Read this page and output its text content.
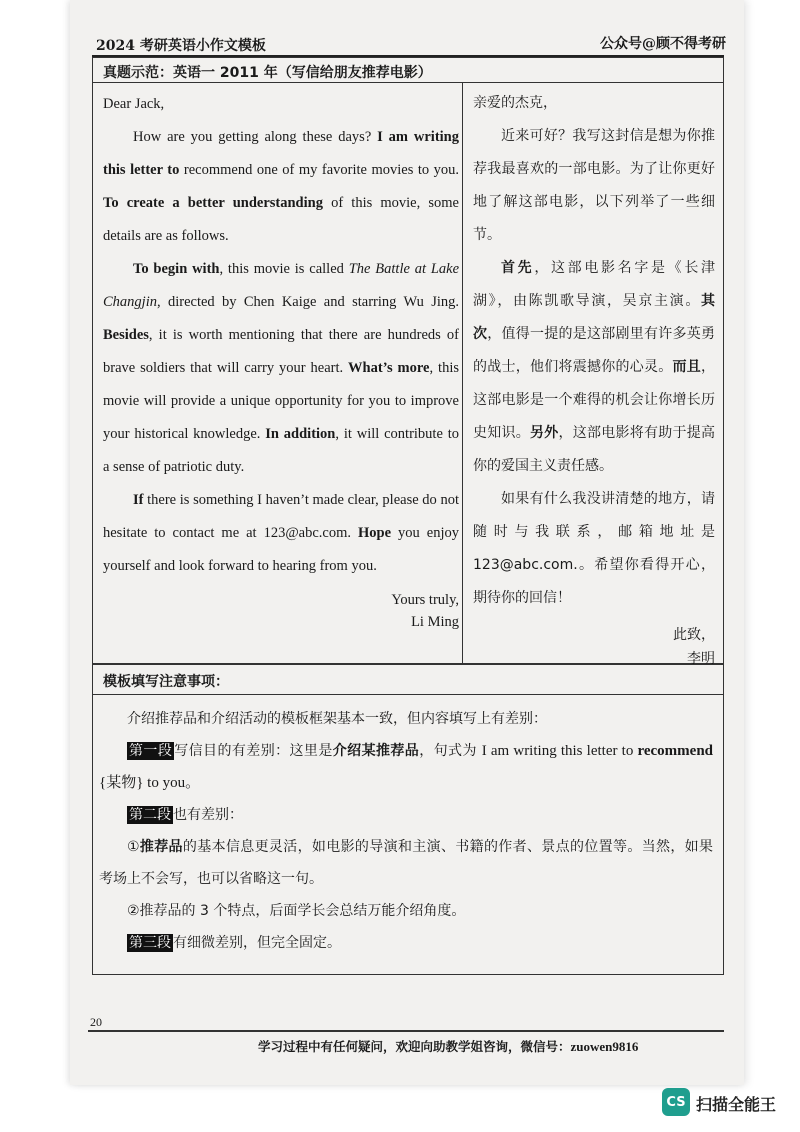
2024 考研英语小作文模板	公众号@顾不得考研
真题示范：英语一 2011 年（写信给朋友推荐电影）

Dear Jack,

How are you getting along these days? I am writing this letter to recommend one of my favorite movies to you. To create a better understanding of this movie, some details are as follows.

To begin with, this movie is called The Battle at Lake Changjin, directed by Chen Kaige and starring Wu Jing. Besides, it is worth mentioning that there are hundreds of brave soldiers that will carry your heart. What’s more, this movie will provide a unique opportunity for you to improve your historical knowledge. In addition, it will contribute to a sense of patriotic duty.

If there is something I haven’t made clear, please do not hesitate to contact me at 123@abc.com. Hope you enjoy yourself and look forward to hearing from you.

Yours truly,

Li Ming

亲爱的杰克，

近来可好？我写这封信是想为你推荐我最喜欢的一部电影。为了让你更好地了解这部电影，以下列举了一些细节。

首先，这部电影名字是《长津湖》，由陈凯歌导演，吴京主演。其次，值得一提的是这部剧里有许多英勇的战士，他们将震撼你的心灵。而且，这部电影是一个难得的机会让你增长历史知识。另外，这部电影将有助于提高你的爱国主义责任感。

如果有什么我没讲清楚的地方，请随时与我联系，邮箱地址是123@abc.com.。希望你看得开心，期待你的回信！

此致，

李明

模板填写注意事项：

介绍推荐品和介绍活动的模板框架基本一致，但内容填写上有差别：

第一段 写信目的有差别：这里是介绍某推荐品，句式为 I am writing this letter to recommend {某物} to you。

第二段 也有差别：

①推荐品的基本信息更灵活，如电影的导演和主演、书籍的作者、景点的位置等。当然，如果考场上不会写，也可以省略这一句。

②推荐品的 3 个特点，后面学长会总结万能介绍角度。

第三段 有细微差别，但完全固定。

20
学习过程中有任何疑问，欢迎向助教学姐咨询，微信号：zuowen9816
CS 扫描全能王
